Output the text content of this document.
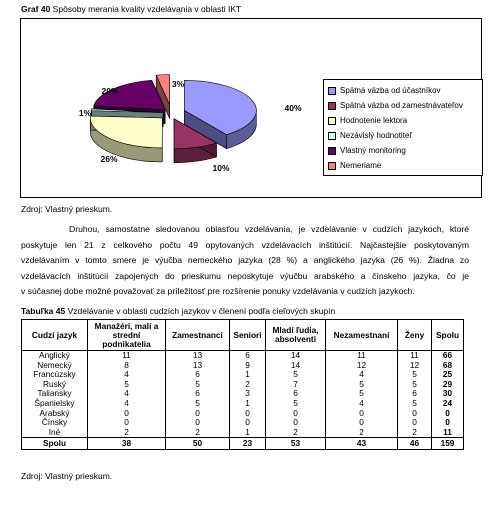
Graf 40 Spôsoby merania kvality vzdelávania v oblasti IKT
40%
10%
26%
1%
20%
3%
Spätná väzba od účastníkov
Spätná väzba od zamestnávateľov
Hodnotenie lektora
Nezávislý hodnotiteľ
Vlastný monitoring
Nemeriame
Zdroj: Vlastný prieskum.
Druhou, samostatne sledovanou oblasťou vzdelávania, je vzdelávanie v cudzích jazykoch, ktoré
poskytuje len 21 z celkového počtu 49 opytovaných vzdelávacích inštitúcií. Najčastejšie poskytovaným
vzdelávaním v tomto smere je výučba nemeckého jazyka (28 %) a anglického jazyka (26 %). Žiadna zo
vzdelávacích inštitúcií zapojených do prieskumu neposkytuje výučbu arabského a čínskeho jazyka, čo je
v súčasnej dobe možné považovať za príležitosť pre rozšírenie ponuky vzdelávania v cudzích jazykoch.
Tabuľka 45 Vzdelávanie v oblasti cudzích jazykov v členení podľa cieľových skupín
Cudzí jazyk	Manažéri, malí a strední podnikatelia	Zamestnanci	Seniori	Mladí ľudia, absolventi	Nezamestnaní	Ženy	Spolu
Anglický	11	13	6	14	11	11	66
Nemecký	8	13	9	14	12	12	68
Francúzsky	4	6	1	5	4	5	25
Ruský	5	5	2	7	5	5	29
Taliansky	4	6	3	6	5	6	30
Španielsky	4	5	1	5	4	5	24
Arabský	0	0	0	0	0	0	0
Čínsky	0	0	0	0	0	0	0
Iné	2	2	1	2	2	2	11
Spolu	38	50	23	53	43	46	159
Zdroj: Vlastný prieskum.
